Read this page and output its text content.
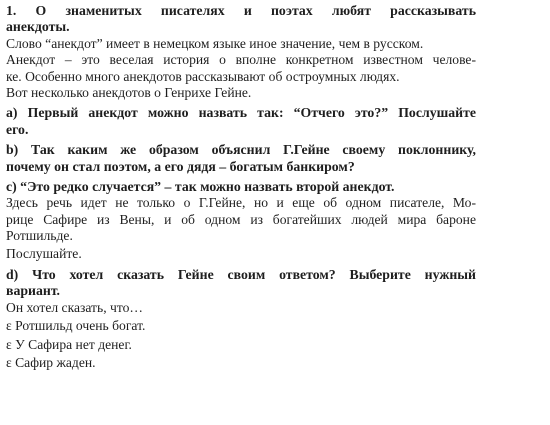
1. О знаменитых писателях и поэтах любят рассказывать
анекдоты.
Слово “анекдот” имеет в немецком языке иное значение, чем в русском.
Анекдот – это веселая история о вполне конкретном известном челове-
ке. Особенно много анекдотов рассказывают об остроумных людях.
Вот несколько анекдотов о Генрихе Гейне.
а) Первый анекдот можно назвать так: “Отчего это?” Послушайте
его.
b) Так каким же образом объяснил Г.Гейне своему поклоннику,
почему он стал поэтом, а его дядя – богатым банкиром?
с) “Это редко случается” – так можно назвать второй анекдот.
Здесь речь идет не только о Г.Гейне, но и еще об одном писателе, Мо-
рице Сафире из Вены, и об одном из богатейших людей мира бароне
Ротшильде.
Послушайте.
d) Что хотел сказать Гейне своим ответом? Выберите нужный
вариант.
Он хотел сказать, что…
ε Ротшильд очень богат.
ε У Сафира нет денег.
ε Сафир жаден.
